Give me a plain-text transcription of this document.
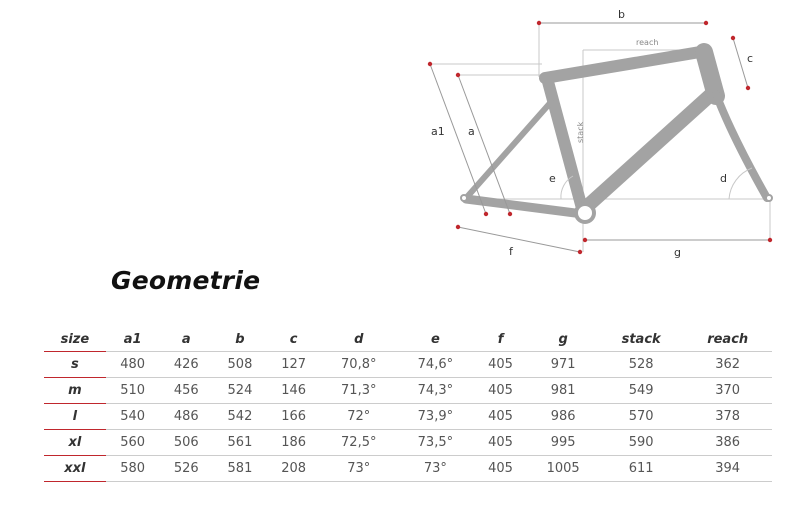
a1 a
b
c
d
e
f	g
reach
stack
Geometrie
size	a1	a	b	c	d	e	f	g	stack	reach
s	480	426	508	127	70,8°	74,6°	405	971	528	362
m	510	456	524	146	71,3°	74,3°	405	981	549	370
l	540	486	542	166	72°	73,9°	405	986	570	378
xl	560	506	561	186	72,5°	73,5°	405	995	590	386
xxl	580	526	581	208	73°	73°	405	1005	611	394
